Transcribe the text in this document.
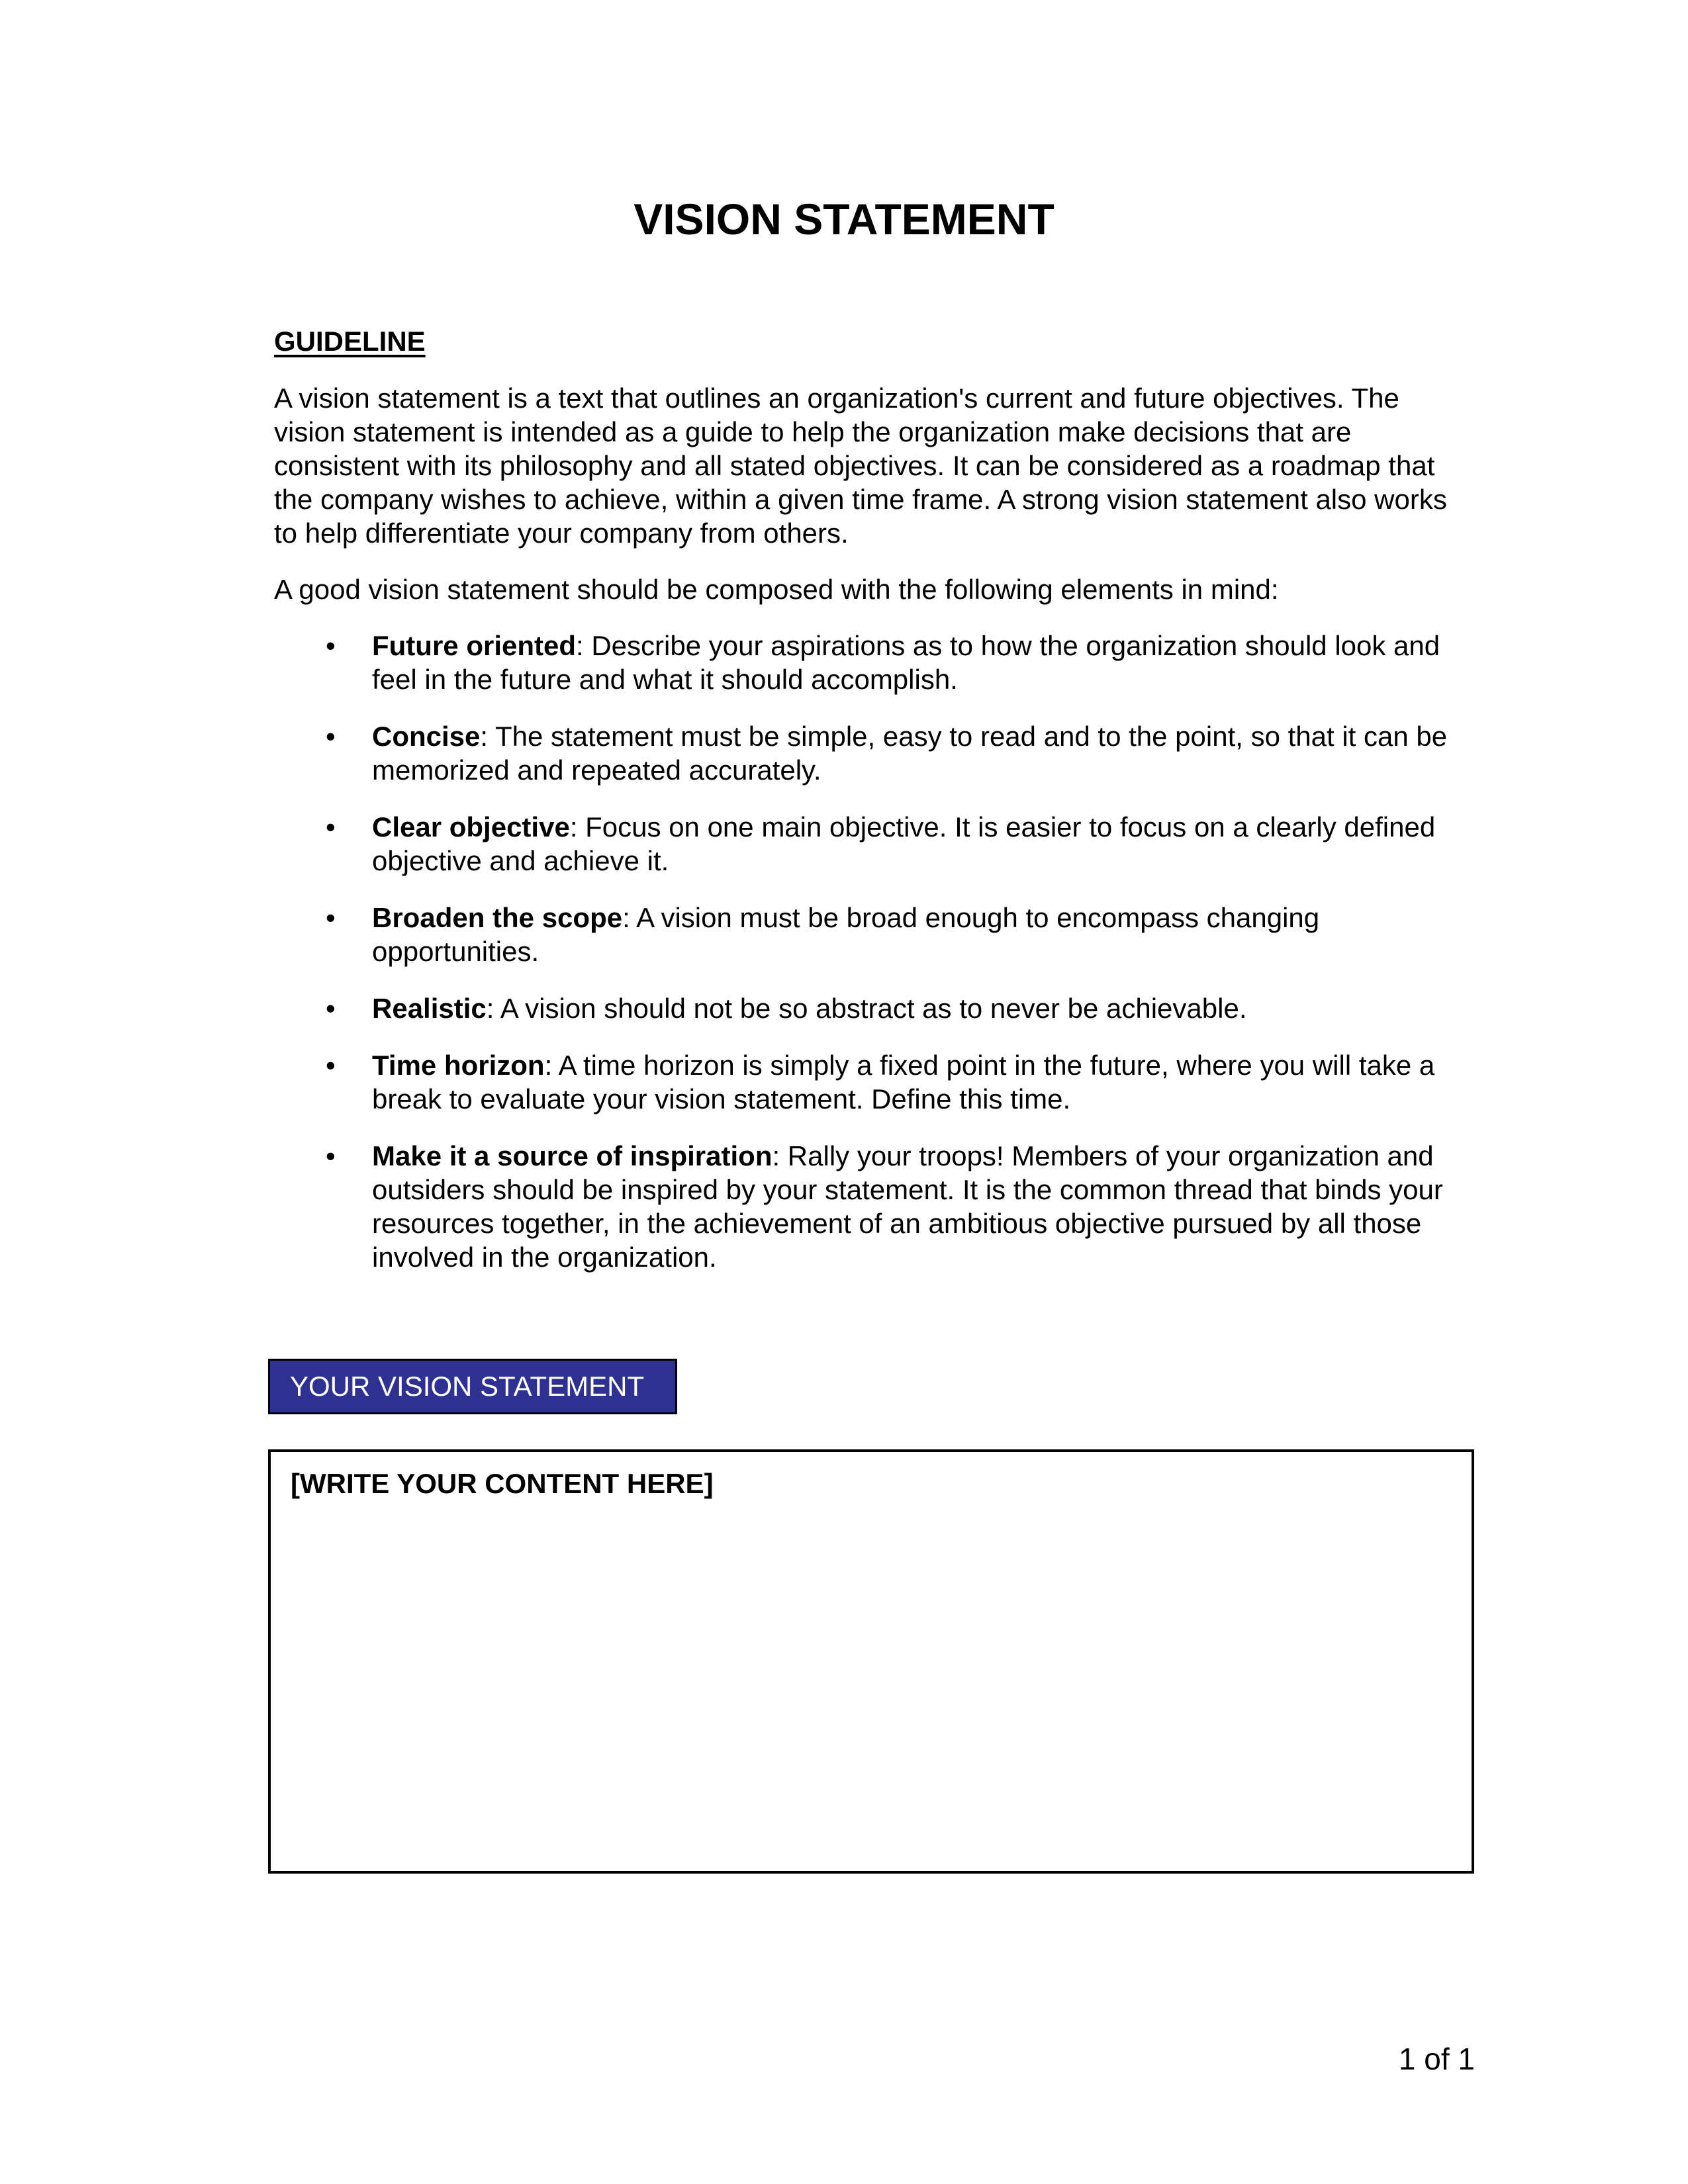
VISION STATEMENT
GUIDELINE

A vision statement is a text that outlines an organization's current and future objectives. The vision statement is intended as a guide to help the organization make decisions that are consistent with its philosophy and all stated objectives. It can be considered as a roadmap that the company wishes to achieve, within a given time frame. A strong vision statement also works to help differentiate your company from others.

A good vision statement should be composed with the following elements in mind:

• Future oriented: Describe your aspirations as to how the organization should look and feel in the future and what it should accomplish.
• Concise: The statement must be simple, easy to read and to the point, so that it can be memorized and repeated accurately.
• Clear objective: Focus on one main objective. It is easier to focus on a clearly defined objective and achieve it.
• Broaden the scope: A vision must be broad enough to encompass changing opportunities.
• Realistic: A vision should not be so abstract as to never be achievable.
• Time horizon: A time horizon is simply a fixed point in the future, where you will take a break to evaluate your vision statement. Define this time.
• Make it a source of inspiration: Rally your troops! Members of your organization and outsiders should be inspired by your statement. It is the common thread that binds your resources together, in the achievement of an ambitious objective pursued by all those involved in the organization.
YOUR VISION STATEMENT
[WRITE YOUR CONTENT HERE]
1 of 1
